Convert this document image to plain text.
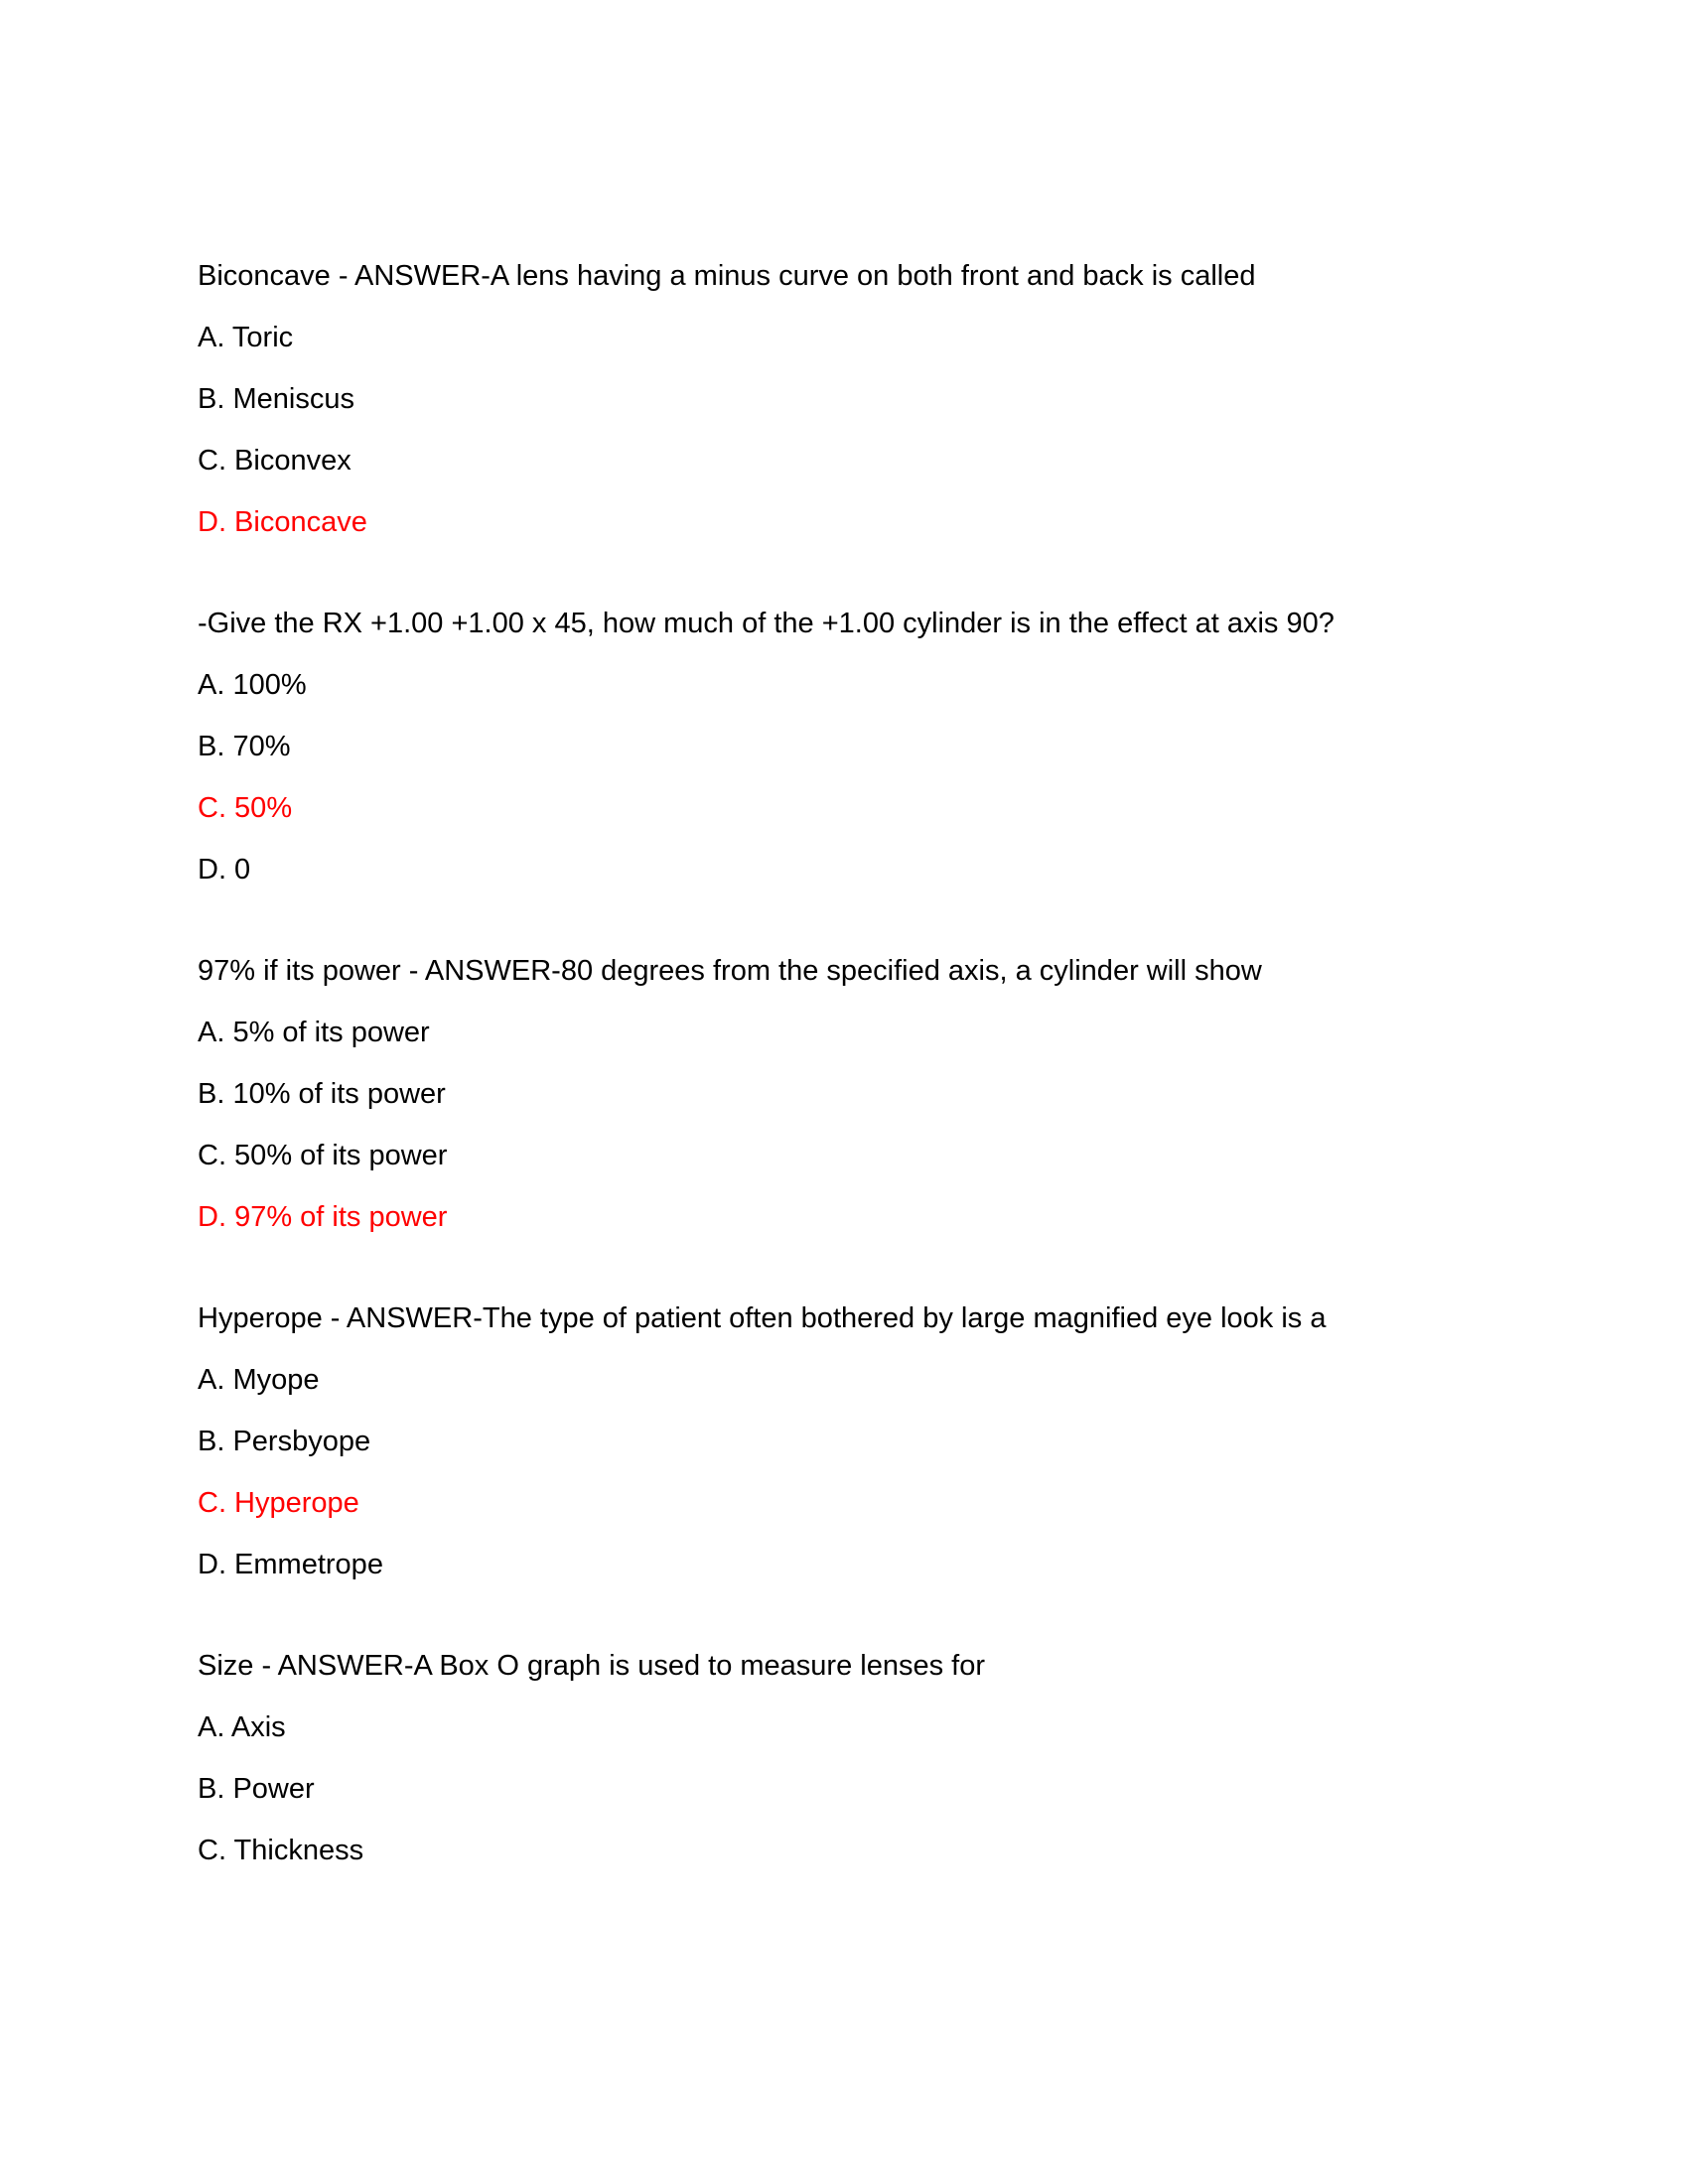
Biconcave - ANSWER-A lens having a minus curve on both front and back is called
A. Toric
B. Meniscus
C. Biconvex
D. Biconcave
-Give the RX +1.00 +1.00 x 45, how much of the +1.00 cylinder is in the effect at axis 90?
A. 100%
B. 70%
C. 50%
D. 0
97% if its power - ANSWER-80 degrees from the specified axis, a cylinder will show
A. 5% of its power
B. 10% of its power
C. 50% of its power
D. 97% of its power
Hyperope - ANSWER-The type of patient often bothered by large magnified eye look is a
A. Myope
B. Persbyope
C. Hyperope
D. Emmetrope
Size - ANSWER-A Box O graph is used to measure lenses for
A. Axis
B. Power
C. Thickness
